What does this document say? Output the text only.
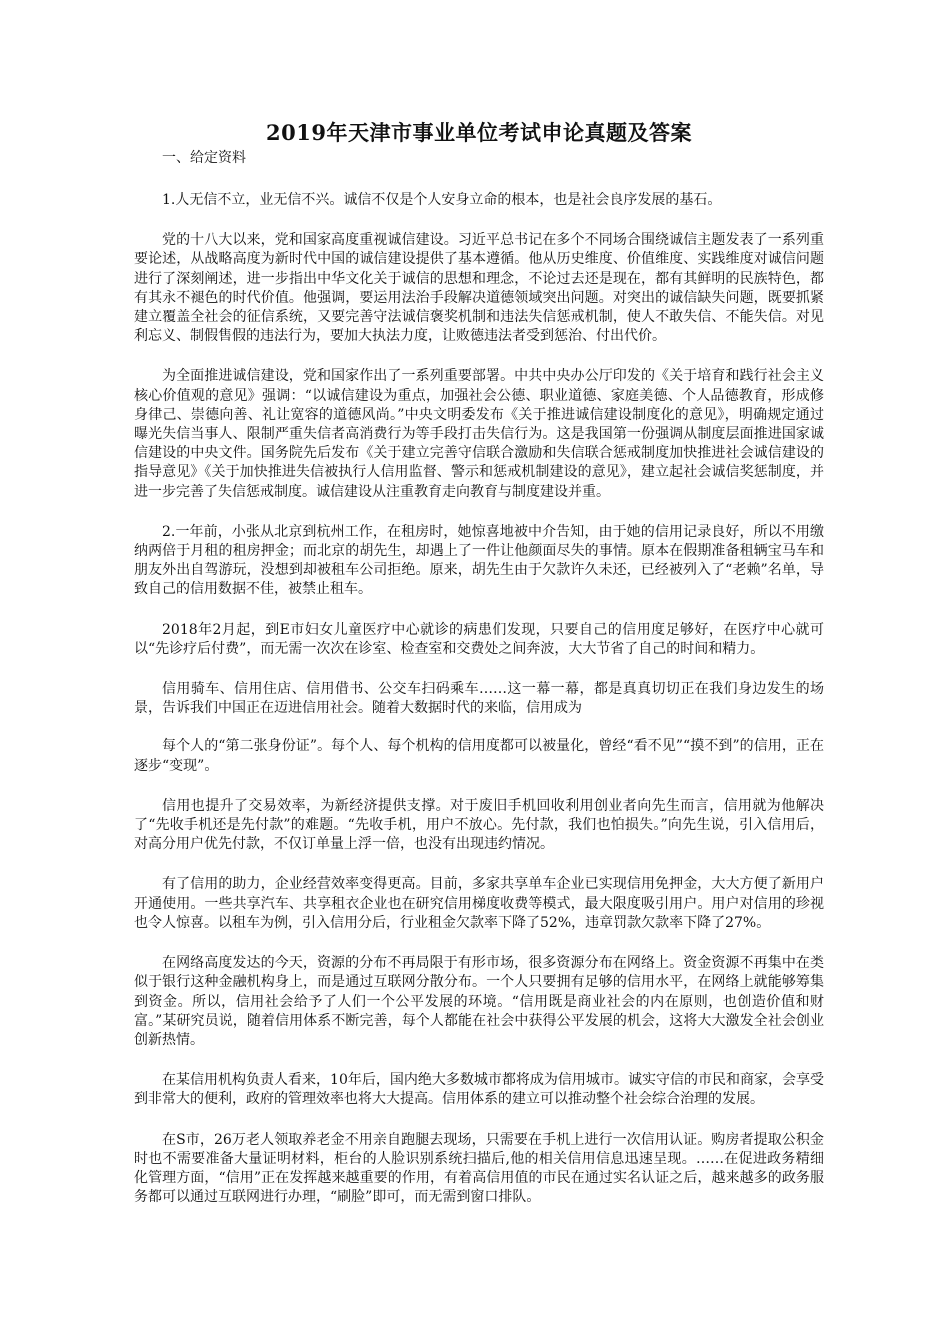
2019年天津市事业单位考试申论真题及答案
一、给定资料

1.人无信不立，业无信不兴。诚信不仅是个人安身立命的根本，也是社会良序发展的基石。

党的十八大以来，党和国家高度重视诚信建设。习近平总书记在多个不同场合围绕诚信主题发表了一系列重要论述，从战略高度为新时代中国的诚信建设提供了基本遵循。他从历史维度、价值维度、实践维度对诚信问题进行了深刻阐述，进一步指出中华文化关于诚信的思想和理念，不论过去还是现在，都有其鲜明的民族特色，都有其永不褪色的时代价值。他强调，要运用法治手段解决道德领域突出问题。对突出的诚信缺失问题，既要抓紧建立覆盖全社会的征信系统，又要完善守法诚信褒奖机制和违法失信惩戒机制，使人不敢失信、不能失信。对见利忘义、制假售假的违法行为，要加大执法力度，让败德违法者受到惩治、付出代价。

为全面推进诚信建设，党和国家作出了一系列重要部署。中共中央办公厅印发的《关于培育和践行社会主义核心价值观的意见》强调：“以诚信建设为重点，加强社会公德、职业道德、家庭美德、个人品德教育，形成修身律己、崇德向善、礼让宽容的道德风尚。”中央文明委发布《关于推进诚信建设制度化的意见》，明确规定通过曝光失信当事人、限制严重失信者高消费行为等手段打击失信行为。这是我国第一份强调从制度层面推进国家诚信建设的中央文件。国务院先后发布《关于建立完善守信联合激励和失信联合惩戒制度加快推进社会诚信建设的指导意见》《关于加快推进失信被执行人信用监督、警示和惩戒机制建设的意见》，建立起社会诚信奖惩制度，并进一步完善了失信惩戒制度。诚信建设从注重教育走向教育与制度建设并重。

2.一年前，小张从北京到杭州工作，在租房时，她惊喜地被中介告知，由于她的信用记录良好，所以不用缴纳两倍于月租的租房押金；而北京的胡先生，却遇上了一件让他颜面尽失的事情。原本在假期准备租辆宝马车和朋友外出自驾游玩，没想到却被租车公司拒绝。原来，胡先生由于欠款许久未还，已经被列入了“老赖”名单，导致自己的信用数据不佳，被禁止租车。

2018年2月起，到E市妇女儿童医疗中心就诊的病患们发现，只要自己的信用度足够好，在医疗中心就可以“先诊疗后付费”，而无需一次次在诊室、检查室和交费处之间奔波，大大节省了自己的时间和精力。

信用骑车、信用住店、信用借书、公交车扫码乘车……这一幕一幕，都是真真切切正在我们身边发生的场景，告诉我们中国正在迈进信用社会。随着大数据时代的来临，信用成为

每个人的“第二张身份证”。每个人、每个机构的信用度都可以被量化，曾经“看不见”“摸不到”的信用，正在逐步“变现”。

信用也提升了交易效率，为新经济提供支撑。对于废旧手机回收利用创业者向先生而言，信用就为他解决了“先收手机还是先付款”的难题。“先收手机，用户不放心。先付款，我们也怕损失。”向先生说，引入信用后，对高分用户优先付款，不仅订单量上浮一倍，也没有出现违约情况。

有了信用的助力，企业经营效率变得更高。目前，多家共享单车企业已实现信用免押金，大大方便了新用户开通使用。一些共享汽车、共享租衣企业也在研究信用梯度收费等模式，最大限度吸引用户。用户对信用的珍视也令人惊喜。以租车为例，引入信用分后，行业租金欠款率下降了52%，违章罚款欠款率下降了27%。

在网络高度发达的今天，资源的分布不再局限于有形市场，很多资源分布在网络上。资金资源不再集中在类似于银行这种金融机构身上，而是通过互联网分散分布。一个人只要拥有足够的信用水平，在网络上就能够筹集到资金。所以，信用社会给予了人们一个公平发展的环境。“信用既是商业社会的内在原则，也创造价值和财富。”某研究员说，随着信用体系不断完善，每个人都能在社会中获得公平发展的机会，这将大大激发全社会创业创新热情。

在某信用机构负责人看来，10年后，国内绝大多数城市都将成为信用城市。诚实守信的市民和商家，会享受到非常大的便利，政府的管理效率也将大大提高。信用体系的建立可以推动整个社会综合治理的发展。

在S市，26万老人领取养老金不用亲自跑腿去现场，只需要在手机上进行一次信用认证。购房者提取公积金时也不需要准备大量证明材料，柜台的人脸识别系统扫描后,他的相关信用信息迅速呈现。……在促进政务精细化管理方面，“信用”正在发挥越来越重要的作用，有着高信用值的市民在通过实名认证之后，越来越多的政务服务都可以通过互联网进行办理，“刷脸”即可，而无需到窗口排队。
